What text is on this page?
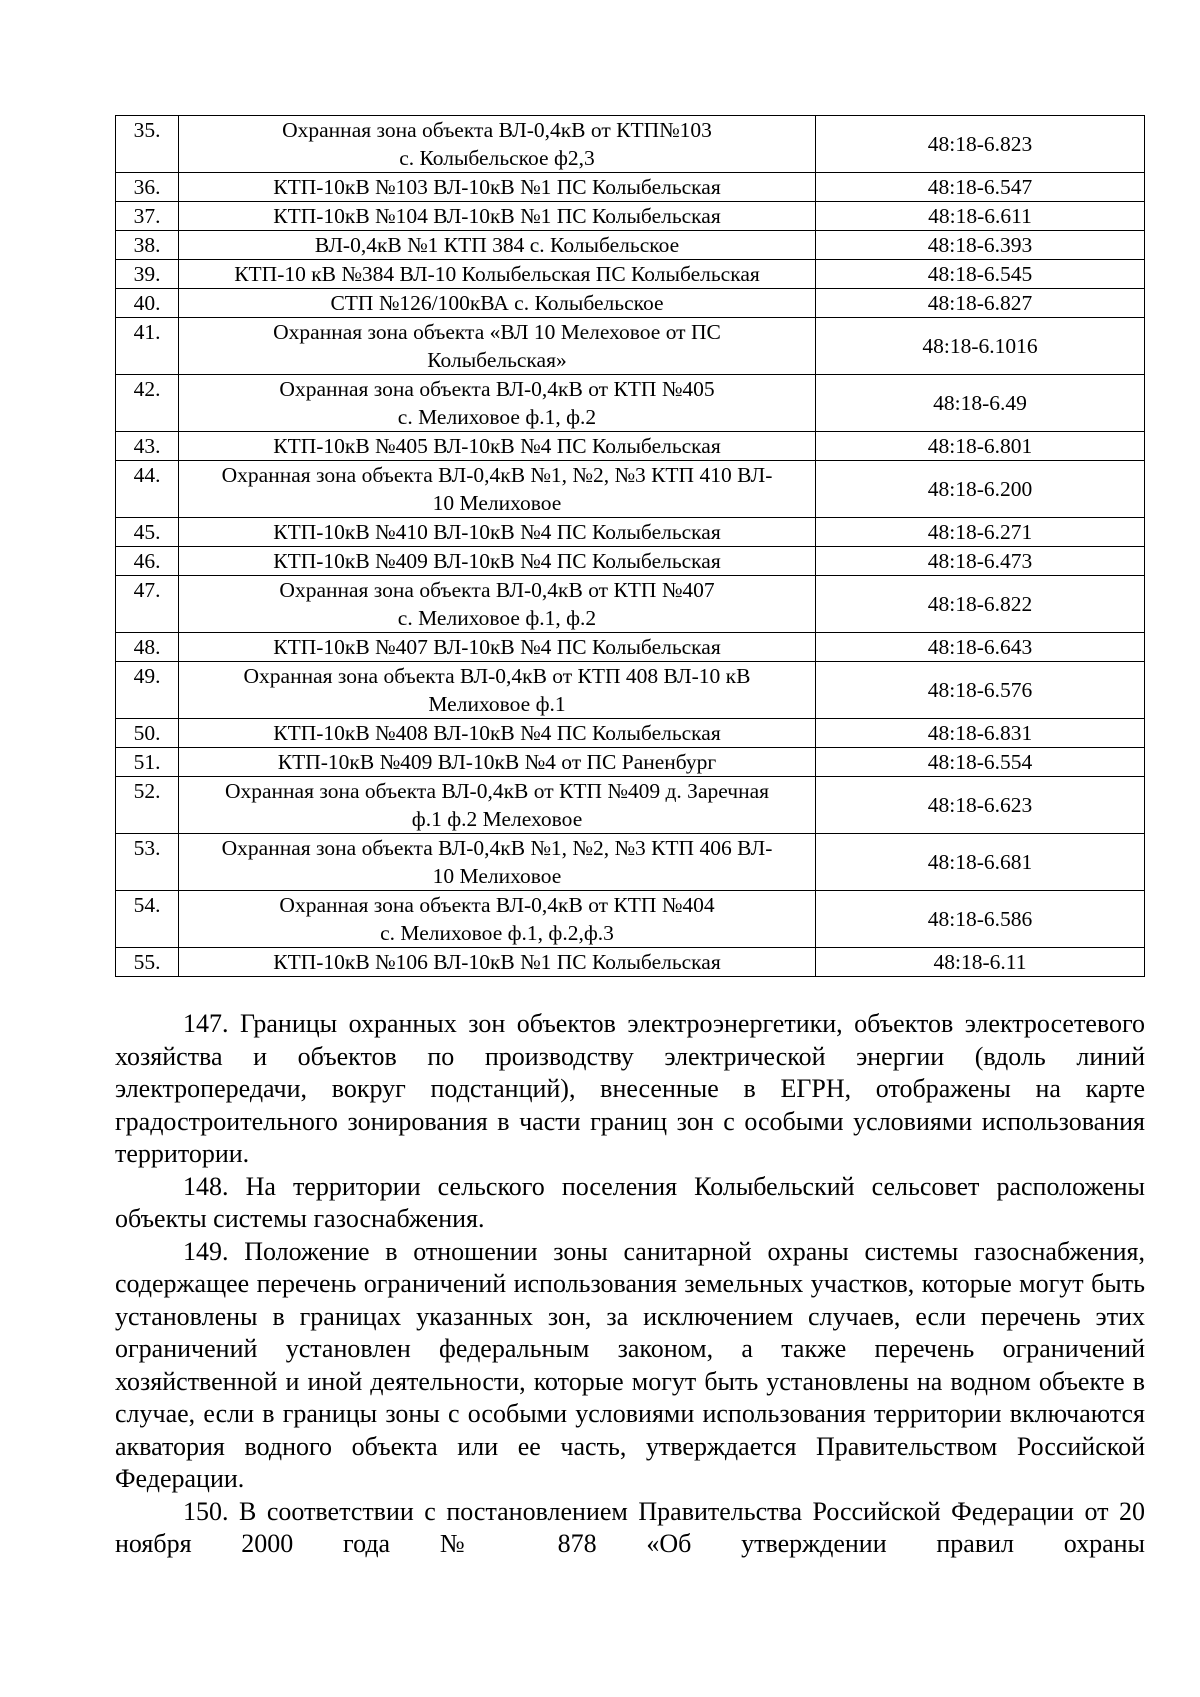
35.	Охранная зона объекта ВЛ-0,4кВ от КТП№103
с. Колыбельское ф2,3	48:18-6.823
36.	КТП-10кВ №103 ВЛ-10кВ №1 ПС Колыбельская	48:18-6.547
37.	КТП-10кВ №104 ВЛ-10кВ №1 ПС Колыбельская	48:18-6.611
38.	ВЛ-0,4кВ №1 КТП 384 с. Колыбельское	48:18-6.393
39.	КТП-10 кВ №384 ВЛ-10 Колыбельская ПС Колыбельская	48:18-6.545
40.	СТП №126/100кВА с. Колыбельское	48:18-6.827
41.	Охранная зона объекта «ВЛ 10 Мелеховое от ПС
Колыбельская»	48:18-6.1016
42.	Охранная зона объекта ВЛ-0,4кВ от КТП №405
с. Мелиховое ф.1, ф.2	48:18-6.49
43.	КТП-10кВ №405 ВЛ-10кВ №4 ПС Колыбельская	48:18-6.801
44.	Охранная зона объекта ВЛ-0,4кВ №1, №2, №3 КТП 410 ВЛ-
10 Мелиховое	48:18-6.200
45.	КТП-10кВ №410 ВЛ-10кВ №4 ПС Колыбельская	48:18-6.271
46.	КТП-10кВ №409 ВЛ-10кВ №4 ПС Колыбельская	48:18-6.473
47.	Охранная зона объекта ВЛ-0,4кВ от КТП №407
с. Мелиховое ф.1, ф.2	48:18-6.822
48.	КТП-10кВ №407 ВЛ-10кВ №4 ПС Колыбельская	48:18-6.643
49.	Охранная зона объекта ВЛ-0,4кВ от КТП 408 ВЛ-10 кВ
Мелиховое ф.1	48:18-6.576
50.	КТП-10кВ №408 ВЛ-10кВ №4 ПС Колыбельская	48:18-6.831
51.	КТП-10кВ №409 ВЛ-10кВ №4 от ПС Раненбург	48:18-6.554
52.	Охранная зона объекта ВЛ-0,4кВ от КТП №409 д. Заречная
ф.1 ф.2 Мелеховое	48:18-6.623
53.	Охранная зона объекта ВЛ-0,4кВ №1, №2, №3 КТП 406 ВЛ-
10 Мелиховое	48:18-6.681
54.	Охранная зона объекта ВЛ-0,4кВ от КТП №404
с. Мелиховое ф.1, ф.2,ф.3	48:18-6.586
55.	КТП-10кВ №106 ВЛ-10кВ №1 ПС Колыбельская	48:18-6.11

147. Границы охранных зон объектов электроэнергетики, объектов электросетевого хозяйства и объектов по производству электрической энергии (вдоль линий электропередачи, вокруг подстанций), внесенные в ЕГРН, отображены на карте градостроительного зонирования в части границ зон с особыми условиями использования территории.

148. На территории сельского поселения Колыбельский сельсовет расположены объекты системы газоснабжения.

149. Положение в отношении зоны санитарной охраны системы газоснабжения, содержащее перечень ограничений использования земельных участков, которые могут быть установлены в границах указанных зон, за исключением случаев, если перечень этих ограничений установлен федеральным законом, а также перечень ограничений хозяйственной и иной деятельности, которые могут быть установлены на водном объекте в случае, если в границы зоны с особыми условиями использования территории включаются акватория водного объекта или ее часть, утверждается Правительством Российской Федерации.

150. В соответствии с постановлением Правительства Российской Федерации от 20 ноября 2000 года № 878 «Об утверждении правил охраны
